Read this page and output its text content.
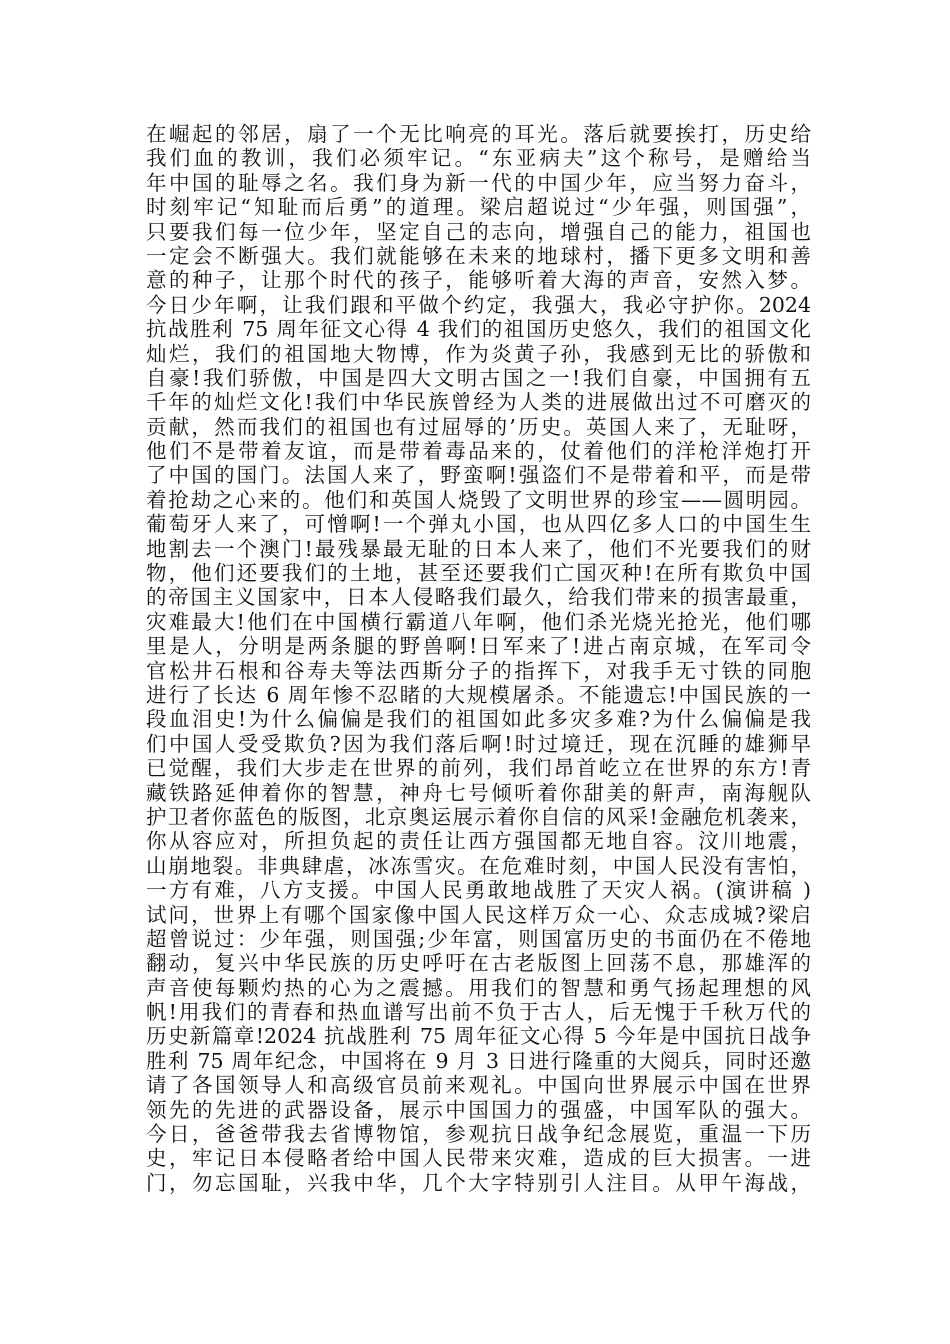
在崛起的邻居，扇了一个无比响亮的耳光。落后就要挨打，历史给
我们血的教训，我们必须牢记。“东亚病夫”这个称号，是赠给当
年中国的耻辱之名。我们身为新一代的中国少年，应当努力奋斗，
时刻牢记“知耻而后勇”的道理。梁启超说过“少年强，则国强”，
只要我们每一位少年，坚定自己的志向，增强自己的能力，祖国也
一定会不断强大。我们就能够在未来的地球村，播下更多文明和善
意的种子，让那个时代的孩子，能够听着大海的声音，安然入梦。
今日少年啊，让我们跟和平做个约定，我强大，我必守护你。2024
抗战胜利 75 周年征文心得 4 我们的祖国历史悠久，我们的祖国文化
灿烂，我们的祖国地大物博，作为炎黄子孙，我感到无比的骄傲和
自豪!我们骄傲，中国是四大文明古国之一!我们自豪，中国拥有五
千年的灿烂文化!我们中华民族曾经为人类的进展做出过不可磨灭的
贡献，然而我们的祖国也有过屈辱的’历史。英国人来了，无耻呀，
他们不是带着友谊，而是带着毒品来的，仗着他们的洋枪洋炮打开
了中国的国门。法国人来了，野蛮啊!强盗们不是带着和平，而是带
着抢劫之心来的。他们和英国人烧毁了文明世界的珍宝——圆明园。
葡萄牙人来了，可憎啊!一个弹丸小国，也从四亿多人口的中国生生
地割去一个澳门!最残暴最无耻的日本人来了，他们不光要我们的财
物，他们还要我们的土地，甚至还要我们亡国灭种!在所有欺负中国
的帝国主义国家中，日本人侵略我们最久，给我们带来的损害最重，
灾难最大!他们在中国横行霸道八年啊，他们杀光烧光抢光，他们哪
里是人，分明是两条腿的野兽啊!日军来了!进占南京城，在军司令
官松井石根和谷寿夫等法西斯分子的指挥下，对我手无寸铁的同胞
进行了长达 6 周年惨不忍睹的大规模屠杀。不能遗忘!中国民族的一
段血泪史!为什么偏偏是我们的祖国如此多灾多难?为什么偏偏是我
们中国人受受欺负?因为我们落后啊!时过境迁，现在沉睡的雄狮早
已觉醒，我们大步走在世界的前列，我们昂首屹立在世界的东方!青
藏铁路延伸着你的智慧，神舟七号倾听着你甜美的鼾声，南海舰队
护卫者你蓝色的版图，北京奥运展示着你自信的风采!金融危机袭来，
你从容应对，所担负起的责任让西方强国都无地自容。汶川地震，
山崩地裂。非典肆虐，冰冻雪灾。在危难时刻，中国人民没有害怕，
一方有难，八方支援。中国人民勇敢地战胜了天灾人祸。(演讲稿 )
试问，世界上有哪个国家像中国人民这样万众一心、众志成城?梁启
超曾说过：少年强，则国强;少年富，则国富历史的书面仍在不倦地
翻动，复兴中华民族的历史呼吁在古老版图上回荡不息，那雄浑的
声音使每颗灼热的心为之震撼。用我们的智慧和勇气扬起理想的风
帆!用我们的青春和热血谱写出前不负于古人，后无愧于千秋万代的
历史新篇章!2024 抗战胜利 75 周年征文心得 5 今年是中国抗日战争
胜利 75 周年纪念，中国将在 9 月 3 日进行隆重的大阅兵，同时还邀
请了各国领导人和高级官员前来观礼。中国向世界展示中国在世界
领先的先进的武器设备，展示中国国力的强盛，中国军队的强大。
今日，爸爸带我去省博物馆，参观抗日战争纪念展览，重温一下历
史，牢记日本侵略者给中国人民带来灾难，造成的巨大损害。一进
门，勿忘国耻，兴我中华，几个大字特别引人注目。从甲午海战，
